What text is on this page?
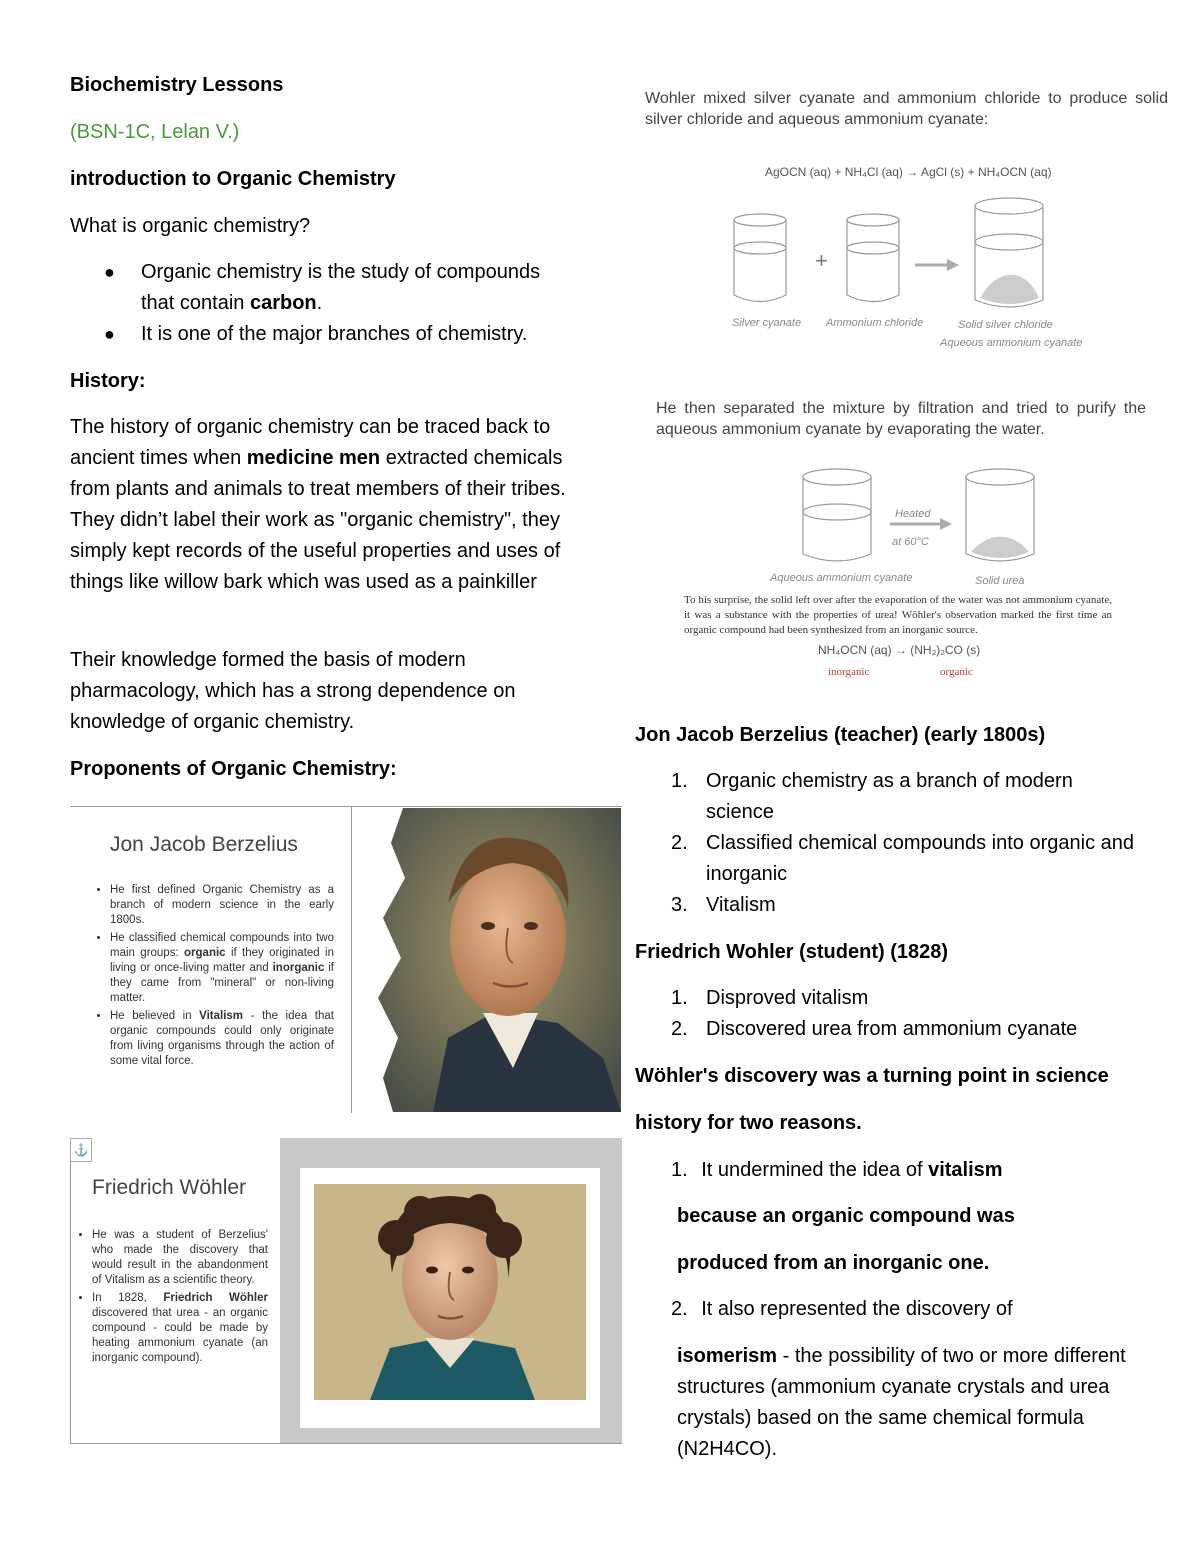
Biochemistry Lessons
(BSN-1C, Lelan V.)
introduction to Organic Chemistry
What is organic chemistry?
● Organic chemistry is the study of compounds that contain carbon.
● It is one of the major branches of chemistry.
History:
The history of organic chemistry can be traced back to ancient times when medicine men extracted chemicals from plants and animals to treat members of their tribes. They didn’t label their work as "organic chemistry", they simply kept records of the useful properties and uses of things like willow bark which was used as a painkiller
Their knowledge formed the basis of modern pharmacology, which has a strong dependence on knowledge of organic chemistry.
Proponents of Organic Chemistry:
Jon Jacob Berzelius
• He first defined Organic Chemistry as a branch of modern science in the early 1800s.
• He classified chemical compounds into two main groups: organic if they originated in living or once-living matter and inorganic if they came from "mineral" or non-living matter.
• He believed in Vitalism - the idea that organic compounds could only originate from living organisms through the action of some vital force.
⚓
Friedrich Wöhler
• He was a student of Berzelius' who made the discovery that would result in the abandonment of Vitalism as a scientific theory.
• In 1828, Friedrich Wöhler discovered that urea - an organic compound - could be made by heating ammonium cyanate (an inorganic compound).
Wohler mixed silver cyanate and ammonium chloride to produce solid silver chloride and aqueous ammonium cyanate:
AgOCN (aq) + NH₄Cl (aq) → AgCl (s) + NH₄OCN (aq)
+
Silver cyanate Ammonium chloride	Solid silver chloride
Aqueous ammonium cyanate
He then separated the mixture by filtration and tried to purify the aqueous ammonium cyanate by evaporating the water.
Heated
at 60°C
Aqueous ammonium cyanate	Solid urea
To his surprise, the solid left over after the evaporation of the water was not ammonium cyanate, it was a substance with the properties of urea! Wöhler's observation marked the first time an organic compound had been synthesized from an inorganic source.
NH₄OCN (aq) → (NH₂)₂CO (s)
inorganic	organic
Jon Jacob Berzelius (teacher) (early 1800s)
1. Organic chemistry as a branch of modern science
2. Classified chemical compounds into organic and inorganic
3. Vitalism
Friedrich Wohler (student) (1828)
1. Disproved vitalism
2. Discovered urea from ammonium cyanate
Wöhler's discovery was a turning point in science
history for two reasons.
1. It undermined the idea of vitalism
because an organic compound was
produced from an inorganic one.
2. It also represented the discovery of
isomerism - the possibility of two or more different structures (ammonium cyanate crystals and urea crystals) based on the same chemical formula (N2H4CO).
